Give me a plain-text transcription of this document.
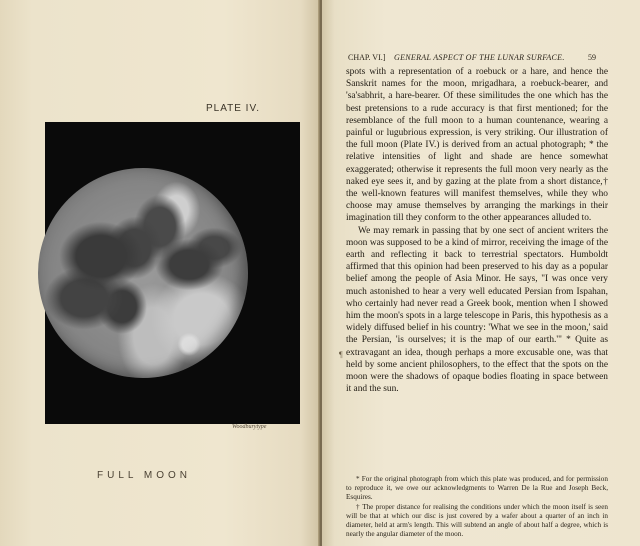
PLATE IV.
Woodburytype
FULL MOON
CHAP. VI.] GENERAL ASPECT OF THE LUNAR SURFACE.	59
¶

spots with a representation of a roebuck or a hare, and hence the Sanskrit names for the moon, mrigadhara, a roebuck-bearer, and 'sa'sabhrit, a hare-bearer. Of these similitudes the one which has the best pretensions to a rude accuracy is that first mentioned; for the resemblance of the full moon to a human countenance, wearing a painful or lugubrious expression, is very striking. Our illustration of the full moon (Plate IV.) is derived from an actual photograph; * the relative intensities of light and shade are hence somewhat exaggerated; otherwise it represents the full moon very nearly as the naked eye sees it, and by gazing at the plate from a short distance,† the well-known features will manifest themselves, while they who choose may amuse themselves by arranging the markings in their imagination till they conform to the other appearances alluded to.

We may remark in passing that by one sect of ancient writers the moon was supposed to be a kind of mirror, receiving the image of the earth and reflecting it back to terrestrial spectators. Humboldt affirmed that this opinion had been preserved to his day as a popular belief among the people of Asia Minor. He says, "I was once very much astonished to hear a very well educated Persian from Ispahan, who certainly had never read a Greek book, mention when I showed him the moon's spots in a large telescope in Paris, this hypothesis as a widely diffused belief in his country: 'What we see in the moon,' said the Persian, 'is ourselves; it is the map of our earth.'" * Quite as extravagant an idea, though perhaps a more excusable one, was that held by some ancient philosophers, to the effect that the spots on the moon were the shadows of opaque bodies floating in space between it and the sun.

* For the original photograph from which this plate was produced, and for permission to reproduce it, we owe our acknowledgments to Warren De la Rue and Joseph Beck, Esquires.

† The proper distance for realising the conditions under which the moon itself is seen will be that at which our disc is just covered by a wafer about a quarter of an inch in diameter, held at arm's length. This will subtend an angle of about half a degree, which is nearly the angular diameter of the moon.
